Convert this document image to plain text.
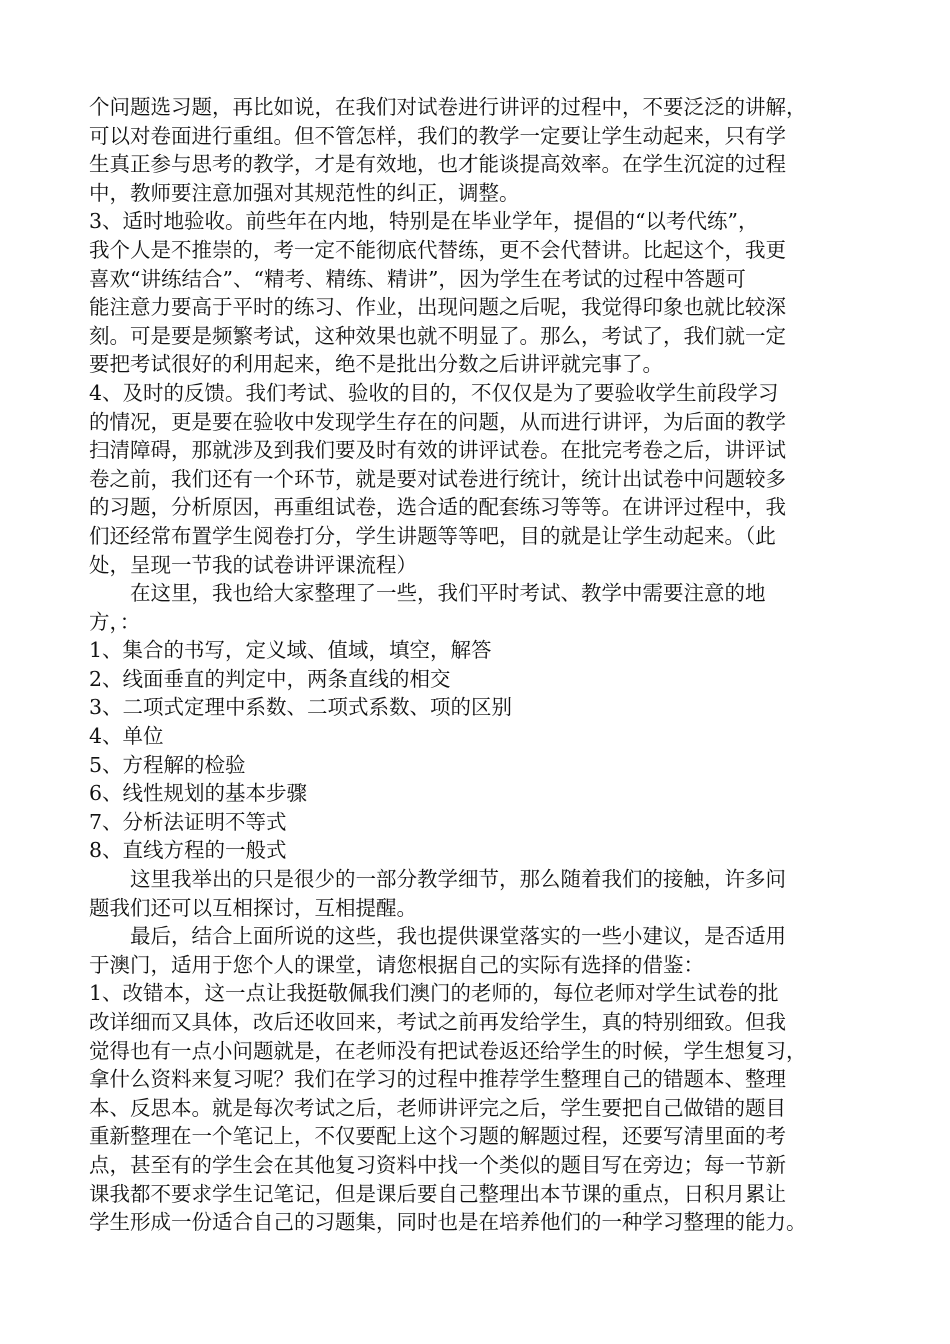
个问题选习题，再比如说，在我们对试卷进行讲评的过程中，不要泛泛的讲解，
可以对卷面进行重组。但不管怎样，我们的教学一定要让学生动起来，只有学
生真正参与思考的教学，才是有效地，也才能谈提高效率。在学生沉淀的过程
中，教师要注意加强对其规范性的纠正，调整。
3、适时地验收。前些年在内地，特别是在毕业学年，提倡的“以考代练”，
我个人是不推崇的，考一定不能彻底代替练，更不会代替讲。比起这个，我更
喜欢“讲练结合”、“精考、精练、精讲”，因为学生在考试的过程中答题可
能注意力要高于平时的练习、作业，出现问题之后呢，我觉得印象也就比较深
刻。可是要是频繁考试，这种效果也就不明显了。那么，考试了，我们就一定
要把考试很好的利用起来，绝不是批出分数之后讲评就完事了。
4、及时的反馈。我们考试、验收的目的，不仅仅是为了要验收学生前段学习
的情况，更是要在验收中发现学生存在的问题，从而进行讲评，为后面的教学
扫清障碍，那就涉及到我们要及时有效的讲评试卷。在批完考卷之后，讲评试
卷之前，我们还有一个环节，就是要对试卷进行统计，统计出试卷中问题较多
的习题，分析原因，再重组试卷，选合适的配套练习等等。在讲评过程中，我
们还经常布置学生阅卷打分，学生讲题等等吧，目的就是让学生动起来。（此
处，呈现一节我的试卷讲评课流程）
在这里，我也给大家整理了一些，我们平时考试、教学中需要注意的地
方，：
1、集合的书写，定义域、值域，填空，解答
2、线面垂直的判定中，两条直线的相交
3、二项式定理中系数、二项式系数、项的区别
4、单位
5、方程解的检验
6、线性规划的基本步骤
7、分析法证明不等式
8、直线方程的一般式
这里我举出的只是很少的一部分教学细节，那么随着我们的接触，许多问
题我们还可以互相探讨，互相提醒。
最后，结合上面所说的这些，我也提供课堂落实的一些小建议，是否适用
于澳门，适用于您个人的课堂，请您根据自己的实际有选择的借鉴：
1、改错本，这一点让我挺敬佩我们澳门的老师的，每位老师对学生试卷的批
改详细而又具体，改后还收回来，考试之前再发给学生，真的特别细致。但我
觉得也有一点小问题就是，在老师没有把试卷返还给学生的时候，学生想复习，
拿什么资料来复习呢？我们在学习的过程中推荐学生整理自己的错题本、整理
本、反思本。就是每次考试之后，老师讲评完之后，学生要把自己做错的题目
重新整理在一个笔记上，不仅要配上这个习题的解题过程，还要写清里面的考
点，甚至有的学生会在其他复习资料中找一个类似的题目写在旁边；每一节新
课我都不要求学生记笔记，但是课后要自己整理出本节课的重点，日积月累让
学生形成一份适合自己的习题集，同时也是在培养他们的一种学习整理的能力。
